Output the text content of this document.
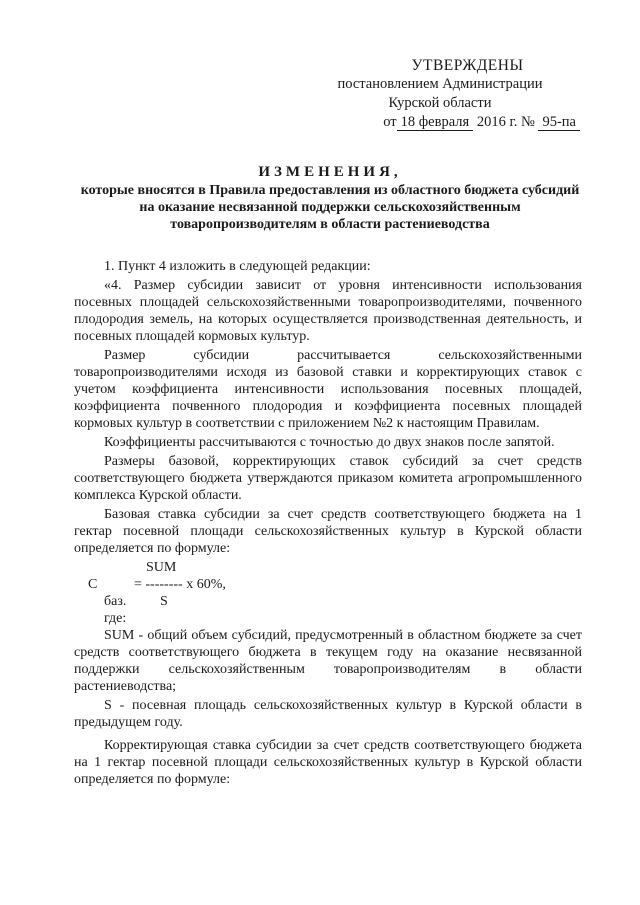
УТВЕРЖДЕНЫ
постановлением Администрации
Курской области
от 18 февраля 2016 г. № 95-па
ИЗМЕНЕНИЯ,
которые вносятся в Правила предоставления из областного бюджета субсидий на оказание несвязанной поддержки сельскохозяйственным товаропроизводителям в области растениеводства

1. Пункт 4 изложить в следующей редакции:

«4. Размер субсидии зависит от уровня интенсивности использования посевных площадей сельскохозяйственными товаропроизводителями, почвенного плодородия земель, на которых осуществляется производственная деятельность, и посевных площадей кормовых культур.

Размер субсидии рассчитывается сельскохозяйственными товаропроизводителями исходя из базовой ставки и корректирующих ставок с учетом коэффициента интенсивности использования посевных площадей, коэффициента почвенного плодородия и коэффициента посевных площадей кормовых культур в соответствии с приложением №2 к настоящим Правилам.

Коэффициенты рассчитываются с точностью до двух знаков после запятой.

Размеры базовой, корректирующих ставок субсидий за счет средств соответствующего бюджета утверждаются приказом комитета агропромышленного комплекса Курской области.

Базовая ставка субсидии за счет средств соответствующего бюджета на 1 гектар посевной площади сельскохозяйственных культур в Курской области определяется по формуле:

SUM
C	= -------- x 60%,
баз. S
где:

SUM - общий объем субсидий, предусмотренный в областном бюджете за счет средств соответствующего бюджета в текущем году на оказание несвязанной поддержки сельскохозяйственным товаропроизводителям в области растениеводства;

S - посевная площадь сельскохозяйственных культур в Курской области в предыдущем году.

Корректирующая ставка субсидии за счет средств соответствующего бюджета на 1 гектар посевной площади сельскохозяйственных культур в Курской области определяется по формуле:
